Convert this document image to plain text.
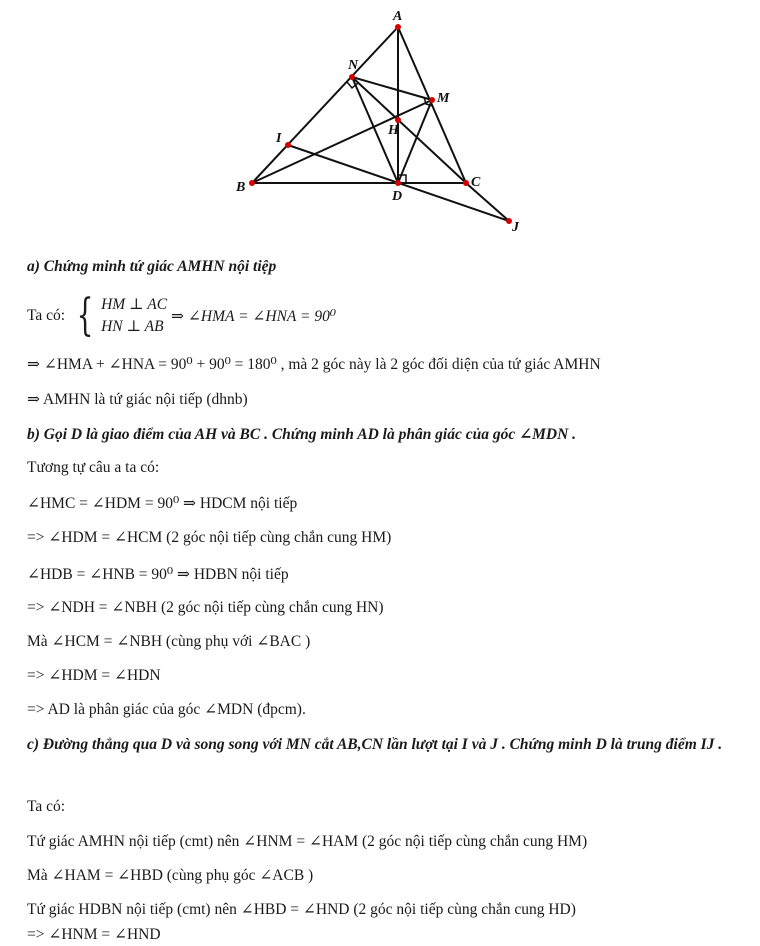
A
N
M
I
H
B	C
D
J
a) Chứng minh tứ giác AMHN nội tiệp
Ta có: { HM ⊥ AC
HN ⊥ AB
⇒ ∠HMA = ∠HNA = 90⁰
⇒ ∠HMA + ∠HNA = 90⁰ + 90⁰ = 180⁰ , mà 2 góc này là 2 góc đối diện của tứ giác AMHN
⇒ AMHN là tứ giác nội tiếp (dhnb)
b) Gọi D là giao điểm của AH và BC . Chứng minh AD là phân giác của góc ∠MDN .
Tương tự câu a ta có:
∠HMC = ∠HDM = 90⁰ ⇒ HDCM nội tiếp
=> ∠HDM = ∠HCM (2 góc nội tiếp cùng chắn cung HM)
∠HDB = ∠HNB = 90⁰ ⇒ HDBN nội tiếp
=> ∠NDH = ∠NBH (2 góc nội tiếp cùng chắn cung HN)
Mà ∠HCM = ∠NBH (cùng phụ với ∠BAC )
=> ∠HDM = ∠HDN
=> AD là phân giác của góc ∠MDN (đpcm).
c) Đường thẳng qua D và song song với MN cắt AB,CN lần lượt tại I và J . Chứng minh D là trung điểm IJ .
Ta có:
Tứ giác AMHN nội tiếp (cmt) nên ∠HNM = ∠HAM (2 góc nội tiếp cùng chắn cung HM)
Mà ∠HAM = ∠HBD (cùng phụ góc ∠ACB )
Tứ giác HDBN nội tiếp (cmt) nên ∠HBD = ∠HND (2 góc nội tiếp cùng chắn cung HD)
=> ∠HNM = ∠HND
